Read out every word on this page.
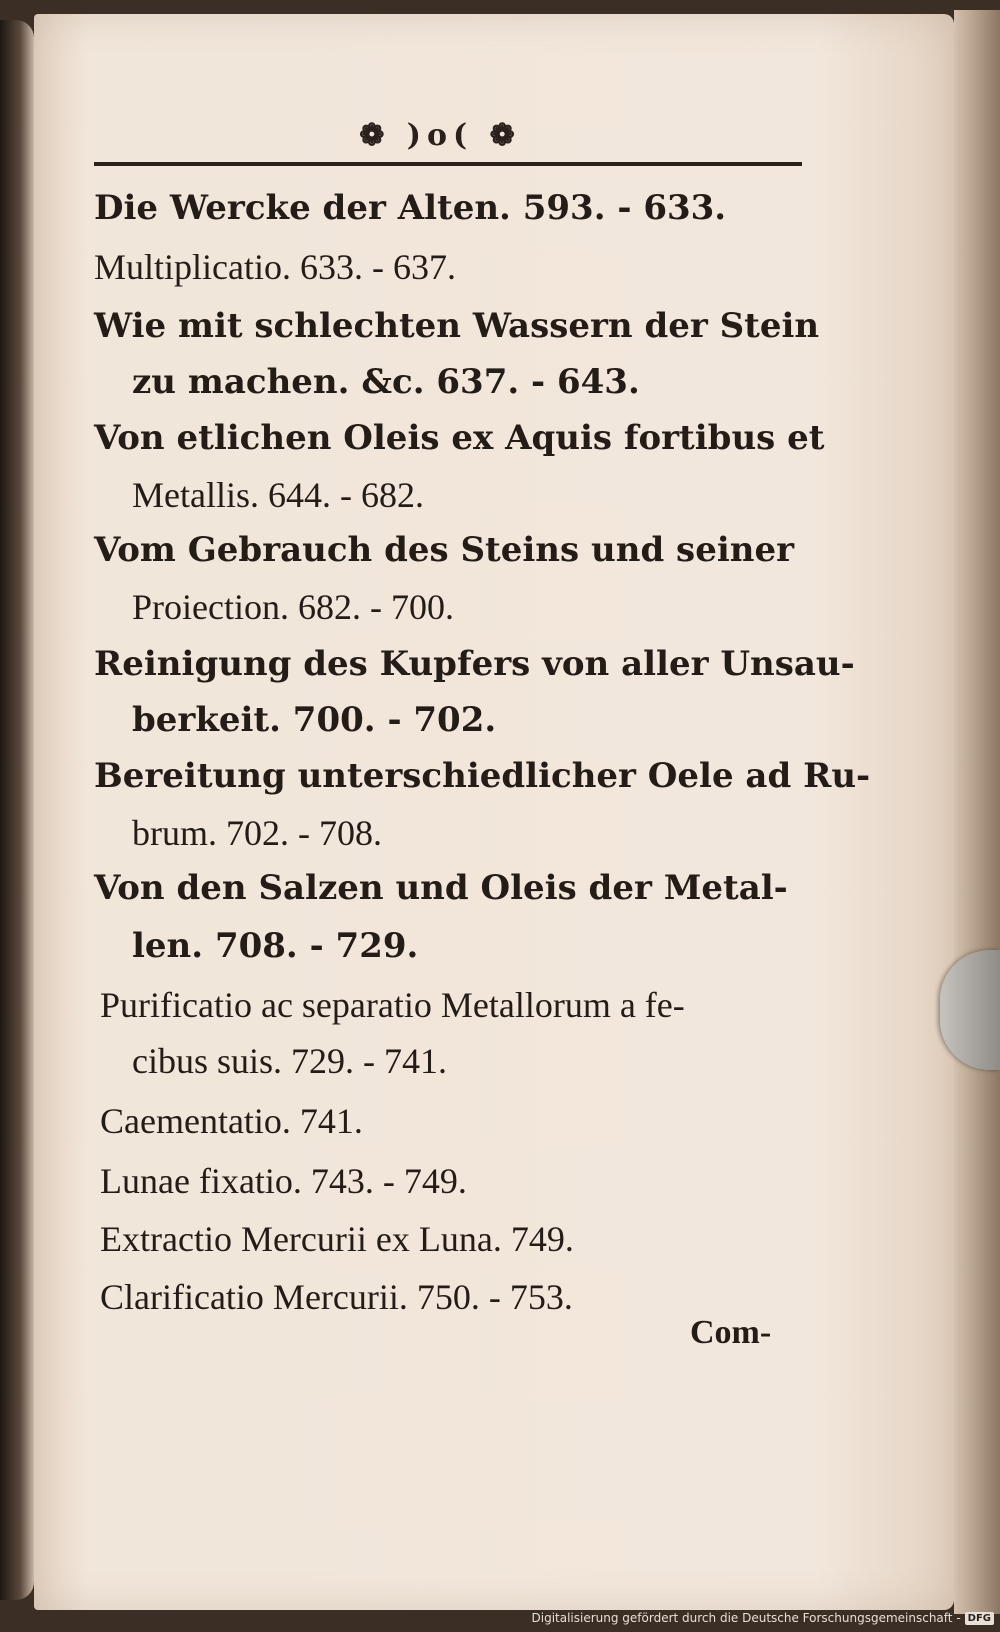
❁ )o( ❁
Die Wercke der Alten. 593. - 633.
Multiplicatio. 633. - 637.
Wie mit schlechten Wassern der Stein
zu machen. &c. 637. - 643.
Von etlichen Oleis ex Aquis fortibus et
Metallis. 644. - 682.
Vom Gebrauch des Steins und seiner
Proiection. 682. - 700.
Reinigung des Kupfers von aller Unsau-
berkeit. 700. - 702.
Bereitung unterschiedlicher Oele ad Ru-
brum. 702. - 708.
Von den Salzen und Oleis der Metal-
len. 708. - 729.
Purificatio ac separatio Metallorum a fe-
cibus suis. 729. - 741.
Caementatio. 741.
Lunae fixatio. 743. - 749.
Extractio Mercurii ex Luna. 749.
Clarificatio Mercurii. 750. - 753.
Com-
Digitalisierung gefördert durch die Deutsche Forschungsgemeinschaft - DFG
